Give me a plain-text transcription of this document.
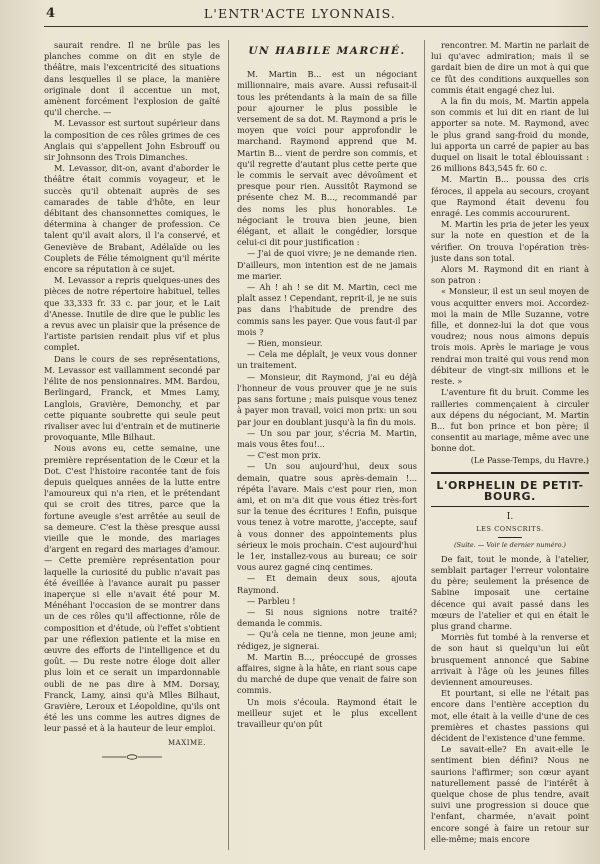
4	L'ENTR'ACTE LYONNAIS.

saurait rendre. Il ne brûle pas les planches comme on dit en style de théâtre, mais l'excentricité des situations dans lesquelles il se place, la manière originale dont il accentue un mot, amènent forcément l'explosion de gaîté qu'il cherche. —

M. Levassor est surtout supérieur dans la composition de ces rôles grimes de ces Anglais qui s'appellent John Esbrouff ou sir Johnsonn des Trois Dimanches.

M. Levassor, dit-on, avant d'aborder le théâtre était commis voyageur, et le succès qu'il obtenait auprès de ses camarades de table d'hôte, en leur débitant des chansonnettes comiques, le détermina à changer de profession. Ce talent qu'il avait alors, il l'a conservé, et Geneviève de Brabant, Adélaïde ou les Couplets de Félie témoignent qu'il mérite encore sa réputation à ce sujet.

M. Levassor a repris quelques-unes des pièces de notre répertoire habituel, telles que 33,333 fr. 33 c. par jour, et le Lait d'Anesse. Inutile de dire que le public les a revus avec un plaisir que la présence de l'artiste parisien rendait plus vif et plus complet.

Dans le cours de ses représentations, M. Levassor est vaillamment secondé par l'élite de nos pensionnaires. MM. Bardou, Berlingard, Franck, et Mmes Lamy, Langlois, Gravière, Demonchy, et par cette piquante soubrette qui seule peut rivaliser avec lui d'entrain et de mutinerie provoquante, Mlle Bilhaut.

Nous avons eu, cette semaine, une première représentation de le Cœur et la Dot. C'est l'histoire racontée tant de fois depuis quelques années de la lutte entre l'amoureux qui n'a rien, et le prétendant qui se croit des titres, parce que la fortune aveugle s'est arrêtée au seuil de sa demeure. C'est la thèse presque aussi vieille que le monde, des mariages d'argent en regard des mariages d'amour. — Cette première représentation pour laquelle la curiosité du public n'avait pas été éveillée à l'avance aurait pu passer inaperçue si elle n'avait été pour M. Ménéhant l'occasion de se montrer dans un de ces rôles qu'il affectionne, rôle de composition et d'étude, où l'effet s'obtient par une réflexion patiente et la mise en œuvre des efforts de l'intelligence et du goût. — Du reste notre éloge doit aller plus loin et ce serait un impardonnable oubli de ne pas dire à MM. Dorsay, Franck, Lamy, ainsi qu'à Mlles Bilhaut, Gravière, Leroux et Léopoldine, qu'ils ont été les uns comme les autres dignes de leur passé et à la hauteur de leur emploi.

MAXIME.
UN HABILE MARCHÉ.

M. Martin B... est un négociant millionnaire, mais avare. Aussi refusait-il tous les prétendants à la main de sa fille pour ajourner le plus possible le versement de sa dot. M. Raymond a pris le moyen que voici pour approfondir le marchand. Raymond apprend que M. Martin B... vient de perdre son commis, et qu'il regrette d'autant plus cette perte que le commis le servait avec dévoûment et presque pour rien. Aussitôt Raymond se présente chez M. B..., recommandé par des noms les plus honorables. Le négociant le trouva bien jeune, bien élégant, et allait le congédier, lorsque celui-ci dit pour justification :

— J'ai de quoi vivre; je ne demande rien. D'ailleurs, mon intention est de ne jamais me marier.

— Ah ! ah ! se dit M. Martin, ceci me plaît assez ! Cependant, reprit-il, je ne suis pas dans l'habitude de prendre des commis sans les payer. Que vous faut-il par mois ?

— Rien, monsieur.

— Cela me déplaît, je veux vous donner un traitement.

— Monsieur, dit Raymond, j'ai eu déjà l'honneur de vous prouver que je ne suis pas sans fortune ; mais puisque vous tenez à payer mon travail, voici mon prix: un sou par jour en doublant jusqu'à la fin du mois.

— Un sou par jour, s'écria M. Martin, mais vous êtes fou!...

— C'est mon prix.

— Un sou aujourd'hui, deux sous demain, quatre sous après-demain !... répéta l'avare. Mais c'est pour rien, mon ami, et on m'a dit que vous étiez très-fort sur la tenue des écritures ! Enfin, puisque vous tenez à votre marotte, j'accepte, sauf à vous donner des appointements plus sérieux le mois prochain. C'est aujourd'hui le 1er, installez-vous au bureau; ce soir vous aurez gagné cinq centimes.

— Et demain deux sous, ajouta Raymond.

— Parbleu !

— Si nous signions notre traité? demanda le commis.

— Qu'à cela ne tienne, mon jeune ami; rédigez, je signerai.

M. Martin B..., préoccupé de grosses affaires, signe à la hâte, en riant sous cape du marché de dupe que venait de faire son commis.

Un mois s'écoula. Raymond était le meilleur sujet et le plus excellent travailleur qu'on pût

rencontrer. M. Martin ne parlait de lui qu'avec admiration; mais il se gardait bien de dire un mot à qui que ce fût des conditions auxquelles son commis était engagé chez lui.

A la fin du mois, M. Martin appela son commis et lui dit en riant de lui apporter sa note. M. Raymond, avec le plus grand sang-froid du monde, lui apporta un carré de papier au bas duquel on lisait le total éblouissant : 26 millions 843,545 fr. 60 c.

M. Martin B... poussa des cris féroces, il appela au secours, croyant que Raymond était devenu fou enragé. Les commis accoururent.

M. Martin les pria de jeter les yeux sur la note en question et de la vérifier. On trouva l'opération très-juste dans son total.

Alors M. Raymond dit en riant à son patron :

« Monsieur, il est un seul moyen de vous acquitter envers moi. Accordez-moi la main de Mlle Suzanne, votre fille, et donnez-lui la dot que vous voudrez; nous nous aimons depuis trois mois. Après le mariage je vous rendrai mon traité qui vous rend mon débiteur de vingt-six millions et le reste. »

L'aventure fit du bruit. Comme les railleries commençaient à circuler aux dépens du négociant, M. Martin B... fut bon prince et bon père; il consentit au mariage, même avec une bonne dot.

(Le Passe-Temps, du Havre.)

L'ORPHELIN DE PETIT-BOURG.
I.
LES CONSCRITS.
(Suite. — Voir le dernier numéro.)

De fait, tout le monde, à l'atelier, semblait partager l'erreur volontaire du père; seulement la présence de Sabine imposait une certaine décence qui avait passé dans les mœurs de l'atelier et qui en était le plus grand charme.

Morriès fut tombé à la renverse et de son haut si quelqu'un lui eût brusquement annoncé que Sabine arrivait à l'âge où les jeunes filles deviennent amoureuses.

Et pourtant, si elle ne l'était pas encore dans l'entière acception du mot, elle était à la veille d'une de ces premières et chastes passions qui décident de l'existence d'une femme.

Le savait-elle? En avait-elle le sentiment bien défini? Nous ne saurions l'affirmer; son cœur ayant naturellement passé de l'intérêt à quelque chose de plus tendre, avait suivi une progression si douce que l'enfant, charmée, n'avait point encore songé à faire un retour sur elle-même; mais encore
